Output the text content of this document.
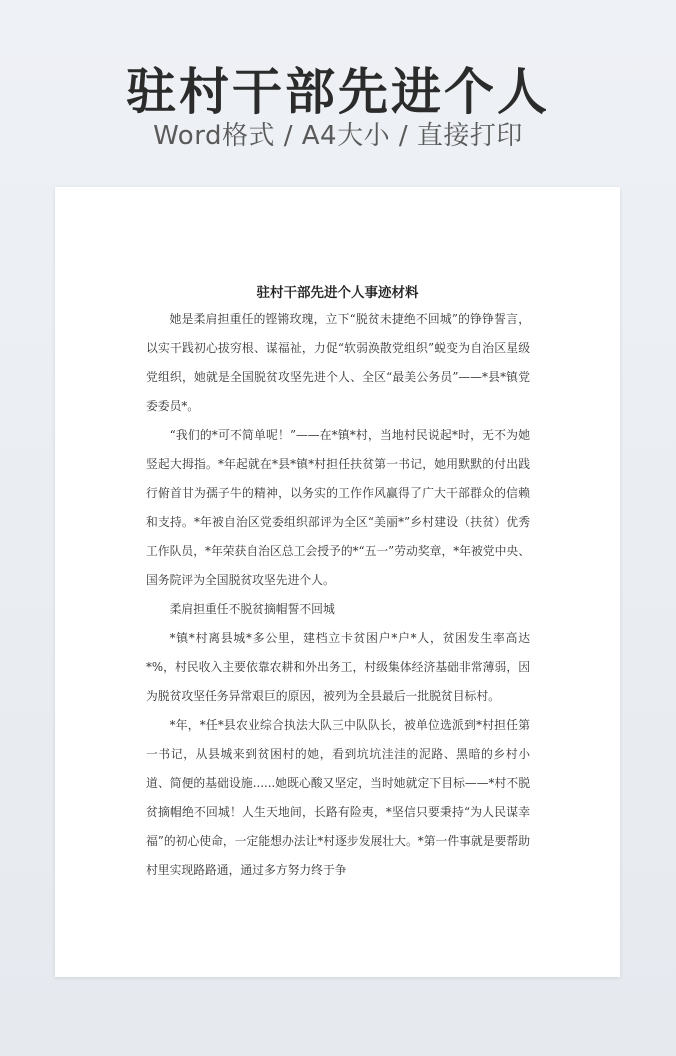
驻村干部先进个人
Word格式 / A4大小 / 直接打印
驻村干部先进个人事迹材料

她是柔肩担重任的铿锵玫瑰，立下“脱贫未捷绝不回城”的铮铮誓言，以实干践初心拔穷根、谋福祉，力促“软弱涣散党组织”蜕变为自治区星级党组织，她就是全国脱贫攻坚先进个人、全区“最美公务员”——*县*镇党委委员*。

“我们的*可不简单呢！”——在*镇*村，当地村民说起*时，无不为她竖起大拇指。*年起就在*县*镇*村担任扶贫第一书记，她用默默的付出践行俯首甘为孺子牛的精神，以务实的工作作风赢得了广大干部群众的信赖和支持。*年被自治区党委组织部评为全区“美丽*”乡村建设（扶贫）优秀工作队员，*年荣获自治区总工会授予的*“五一”劳动奖章，*年被党中央、国务院评为全国脱贫攻坚先进个人。

柔肩担重任不脱贫摘帽誓不回城

*镇*村离县城*多公里，建档立卡贫困户*户*人，贫困发生率高达*%，村民收入主要依靠农耕和外出务工，村级集体经济基础非常薄弱，因为脱贫攻坚任务异常艰巨的原因，被列为全县最后一批脱贫目标村。

*年，*任*县农业综合执法大队三中队队长，被单位选派到*村担任第一书记，从县城来到贫困村的她，看到坑坑洼洼的泥路、黑暗的乡村小道、简便的基础设施......她既心酸又坚定，当时她就定下目标——*村不脱贫摘帽绝不回城！人生天地间，长路有险夷，*坚信只要秉持“为人民谋幸福”的初心使命，一定能想办法让*村逐步发展壮大。*第一件事就是要帮助村里实现路路通，通过多方努力终于争
